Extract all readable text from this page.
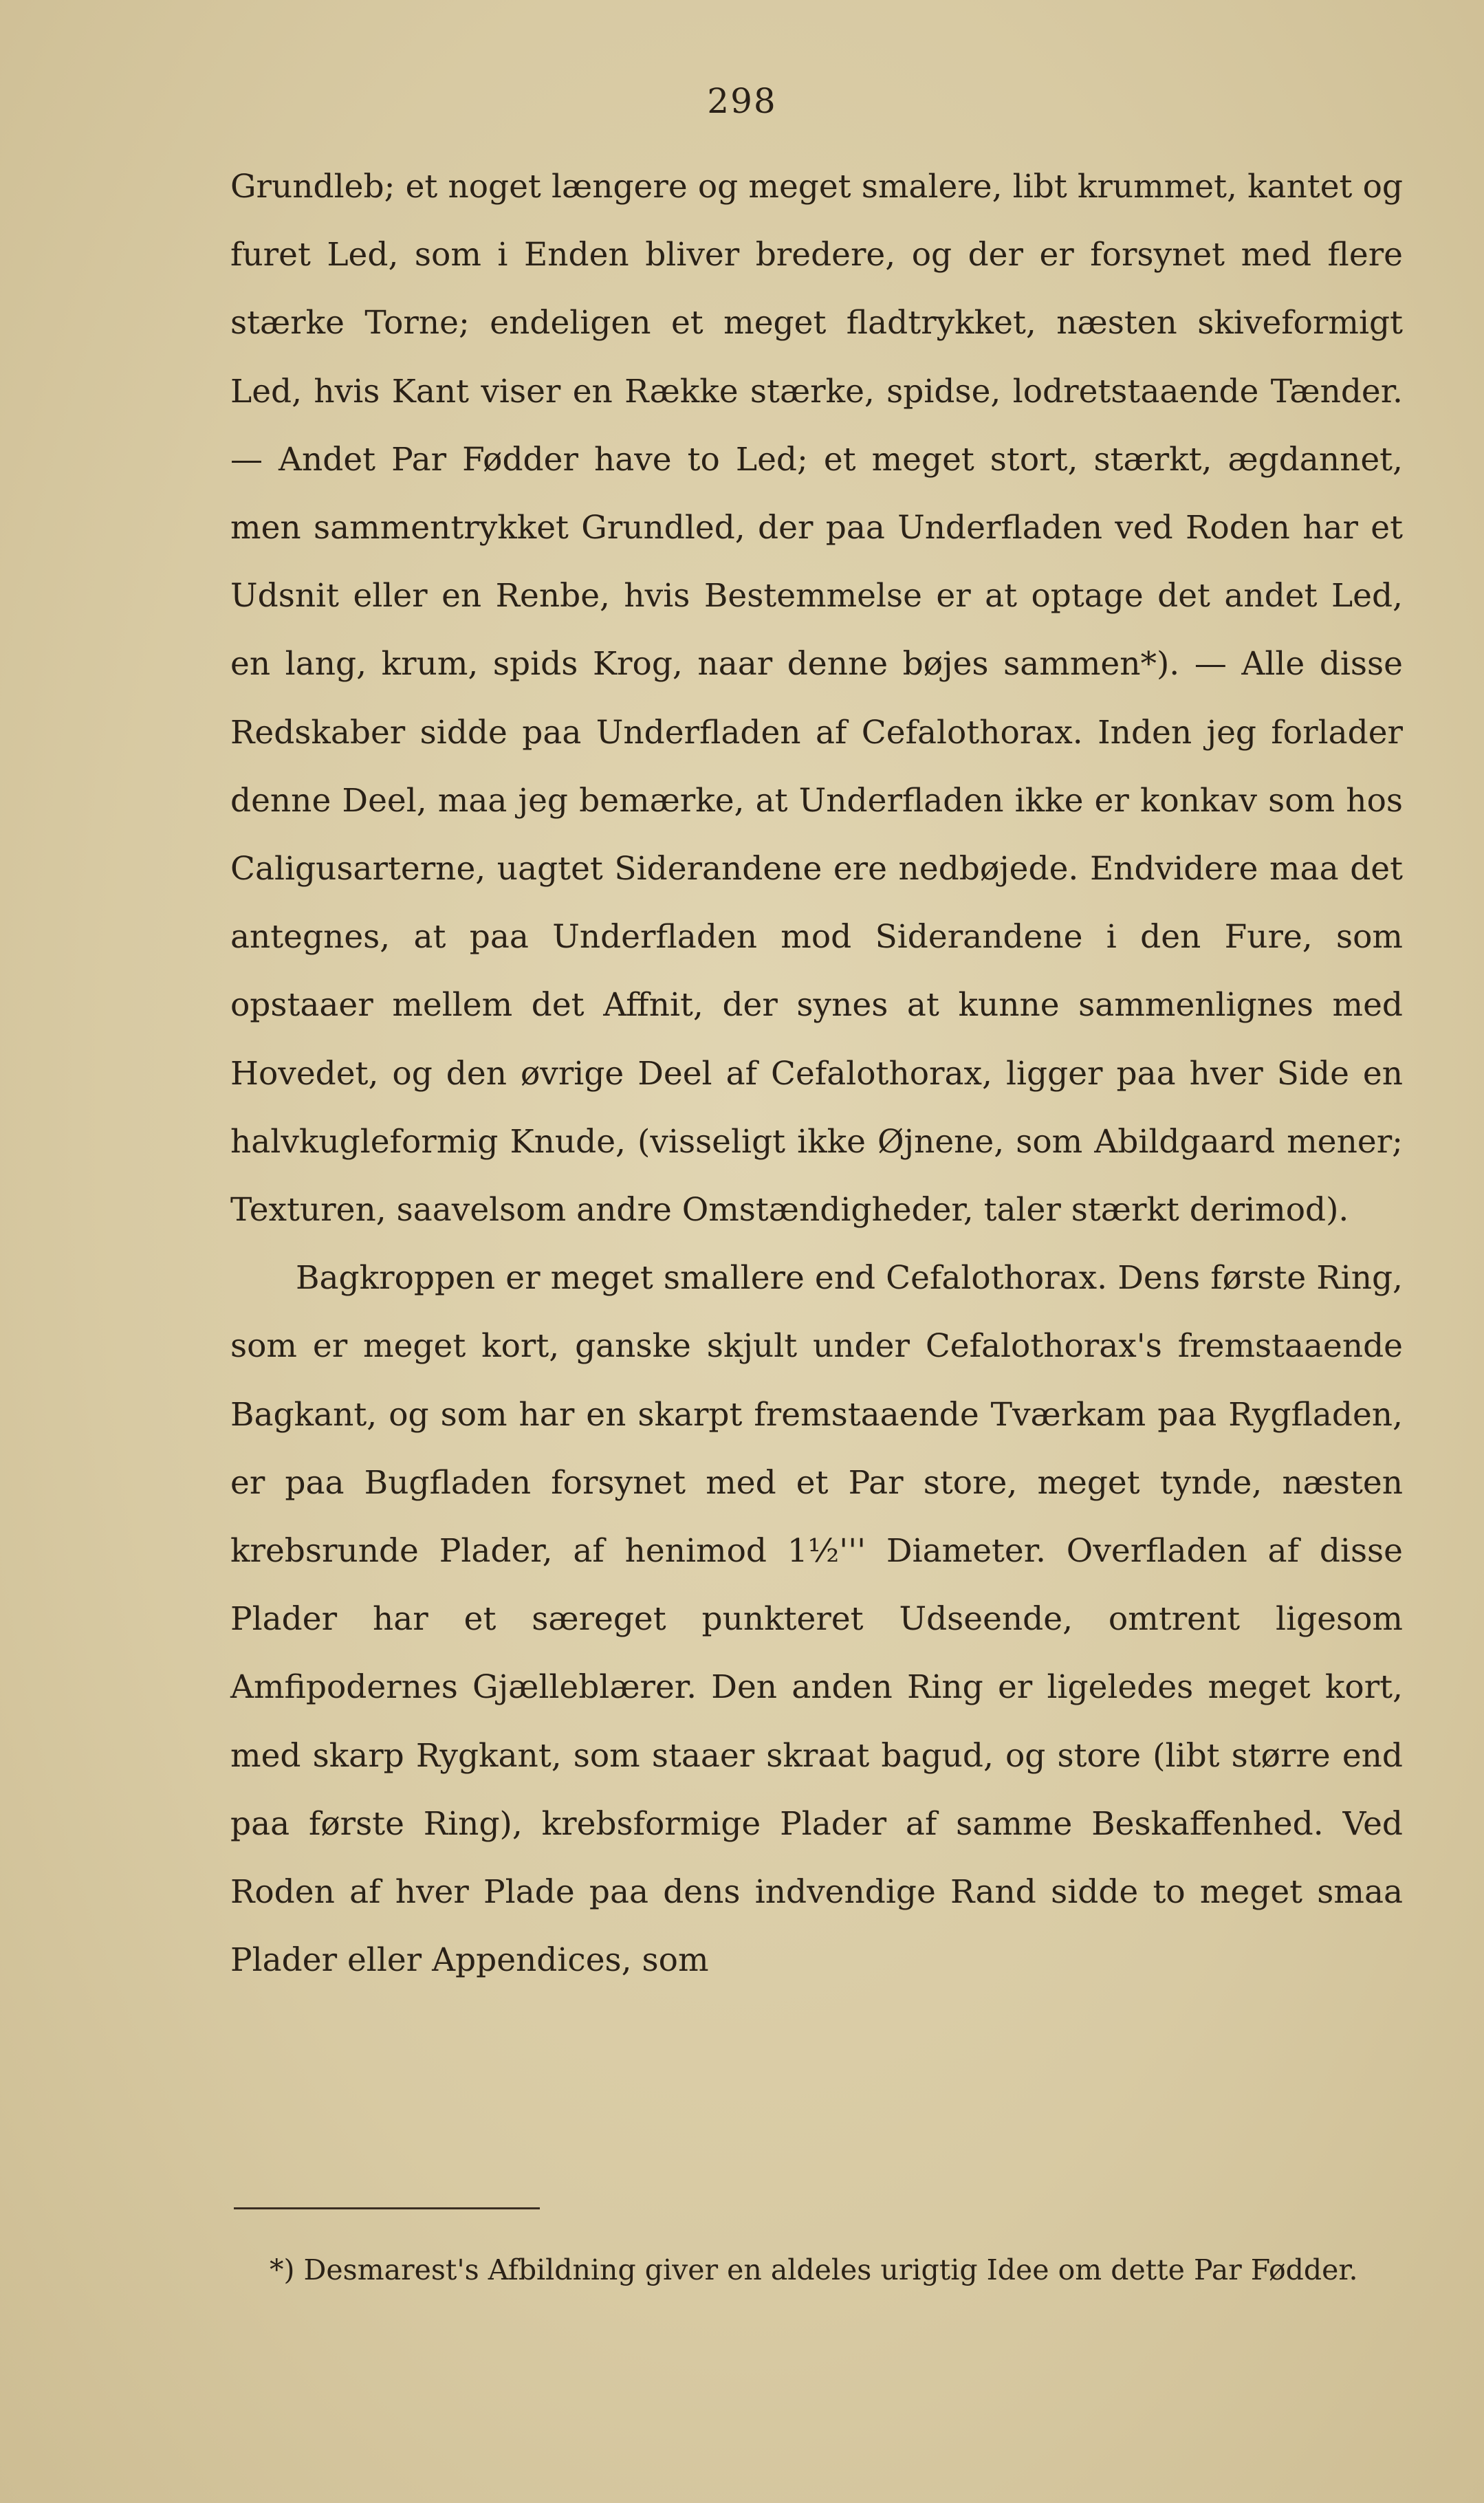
298

Grundleb; et noget længere og meget smalere, libt krummet, kantet og furet Led, som i Enden bliver bredere, og der er forsynet med flere stærke Torne; endeligen et meget fladtrykket, næsten skiveformigt Led, hvis Kant viser en Række stærke, spidse, lodretstaaende Tænder. — Andet Par Fødder have to Led; et meget stort, stærkt, ægdannet, men sammentrykket Grundled, der paa Underfladen ved Roden har et Udsnit eller en Renbe, hvis Bestemmelse er at optage det andet Led, en lang, krum, spids Krog, naar denne bøjes sammen*). — Alle disse Redskaber sidde paa Underfladen af Cefalothorax. Inden jeg forlader denne Deel, maa jeg bemærke, at Underfladen ikke er konkav som hos Caligusarterne, uagtet Siderandene ere nedbøjede. Endvidere maa det antegnes, at paa Underfladen mod Siderandene i den Fure, som opstaaer mellem det Affnit, der synes at kunne sammenlignes med Hovedet, og den øvrige Deel af Cefalothorax, ligger paa hver Side en halvkugleformig Knude, (visseligt ikke Øjnene, som Abildgaard mener; Texturen, saavelsom andre Omstændigheder, taler stærkt derimod).

Bagkroppen er meget smallere end Cefalothorax. Dens første Ring, som er meget kort, ganske skjult under Cefalothorax's fremstaaende Bagkant, og som har en skarpt fremstaaende Tværkam paa Rygfladen, er paa Bugfladen forsynet med et Par store, meget tynde, næsten krebsrunde Plader, af henimod 1½''' Diameter. Overfladen af disse Plader har et særeget punkteret Udseende, omtrent ligesom Amfipodernes Gjælleblærer. Den anden Ring er ligeledes meget kort, med skarp Rygkant, som staaer skraat bagud, og store (libt større end paa første Ring), krebsformige Plader af samme Beskaffenhed. Ved Roden af hver Plade paa dens indvendige Rand sidde to meget smaa Plader eller Appendices, som

*) Desmarest's Afbildning giver en aldeles urigtig Idee om dette Par Fødder.
